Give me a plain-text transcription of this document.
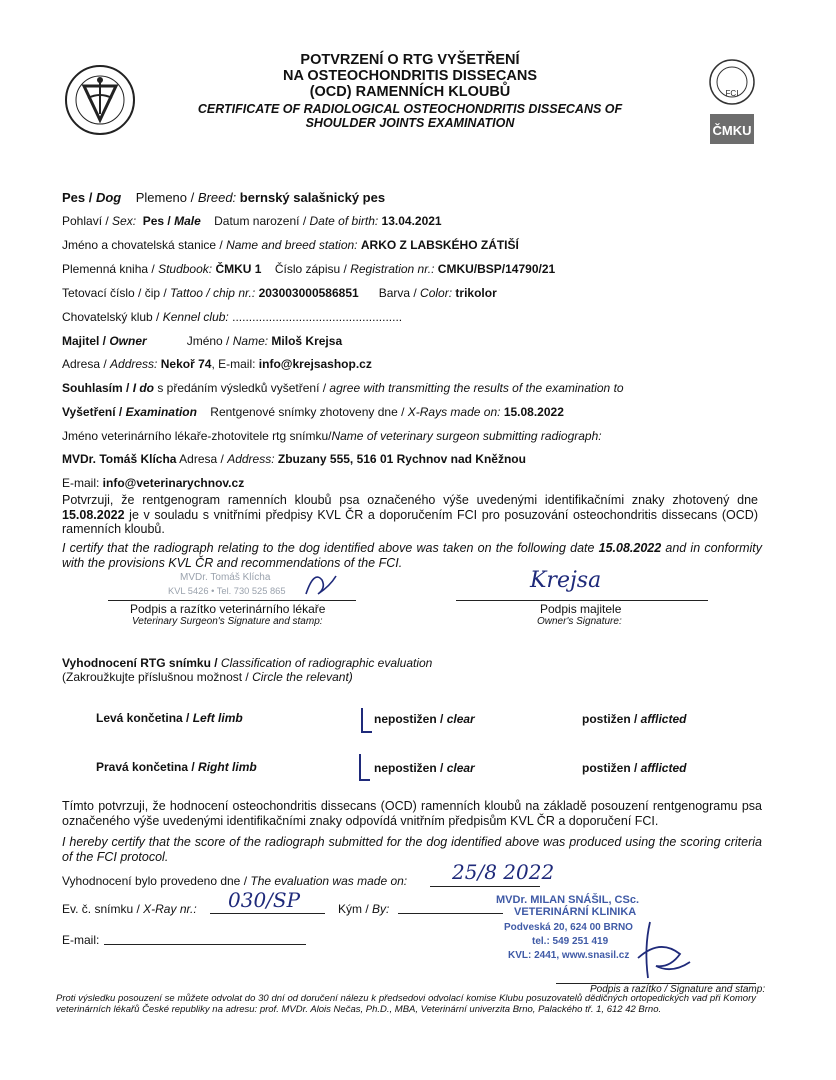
POTVRZENÍ O RTG VYŠETŘENÍ
NA OSTEOCHONDRITIS DISSECANS
(OCD) RAMENNÍCH KLOUBŮ
CERTIFICATE OF RADIOLOGICAL OSTEOCHONDRITIS DISSECANS OF
SHOULDER JOINTS EXAMINATION
FCI
ČMKU
Pes / Dog Plemeno / Breed: bernský salašnický pes
Pohlaví / Sex: Pes / Male Datum narození / Date of birth: 13.04.2021
Jméno a chovatelská stanice / Name and breed station: ARKO Z LABSKÉHO ZÁTIŠÍ
Plemenná kniha / Studbook: ČMKU 1 Číslo zápisu / Registration nr.: CMKU/BSP/14790/21
Tetovací číslo / čip / Tattoo / chip nr.: 203003000586851 Barva / Color: trikolor
Chovatelský klub / Kennel club: ...................................................
Majitel / Owner	Jméno / Name: Miloš Krejsa
Adresa / Address: Nekoř 74, E-mail: info@krejsashop.cz
Souhlasím / I do s předáním výsledků vyšetření / agree with transmitting the results of the examination to
Vyšetření / Examination Rentgenové snímky zhotoveny dne / X-Rays made on: 15.08.2022
Jméno veterinárního lékaře-zhotovitele rtg snímku/Name of veterinary surgeon submitting radiograph:
MVDr. Tomáš Klícha Adresa / Address: Zbuzany 555, 516 01 Rychnov nad Kněžnou
E-mail: info@veterinarychnov.cz
Potvrzuji, že rentgenogram ramenních kloubů psa označeného výše uvedenými identifikačními znaky zhotovený dne 15.08.2022 je v souladu s vnitřními předpisy KVL ČR a doporučením FCI pro posuzování osteochondritis dissecans (OCD) ramenních kloubů.
I certify that the radiograph relating to the dog identified above was taken on the following date 15.08.2022 and in conformity with the provisions KVL ČR and recommendations of the FCI.
MVDr. Tomáš Klícha
KVL 5426 • Tel. 730 525 865
Podpis a razítko veterinárního lékaře
Veterinary Surgeon's Signature and stamp:
Krejsa
Podpis majitele
Owner's Signature:
Vyhodnocení RTG snímku / Classification of radiographic evaluation
(Zakroužkujte příslušnou možnost / Circle the relevant)
Levá končetina / Left limb	nepostižen / clear	postižen / afflicted
Pravá končetina / Right limb	nepostižen / clear	postižen / afflicted
Tímto potvrzuji, že hodnocení osteochondritis dissecans (OCD) ramenních kloubů na základě posouzení rentgenogramu psa označeného výše uvedenými identifikačními znaky odpovídá vnitřním předpisům KVL ČR a doporučení FCI.
I hereby certify that the score of the radiograph submitted for the dog identified above was produced using the scoring criteria of the FCI protocol.
Vyhodnocení bylo provedeno dne / The evaluation was made on: 25/8 2022
Ev. č. snímku / X-Ray nr.: 030/SP	Kým / By:
E-mail:
MVDr. MILAN SNÁŠIL, CSc.
VETERINÁRNÍ KLINIKA
Podveská 20, 624 00 BRNO
tel.: 549 251 419
KVL: 2441, www.snasil.cz
Podpis a razítko / Signature and stamp:
Proti výsledku posouzení se můžete odvolat do 30 dní od doručení nálezu k předsedovi odvolací komise Klubu posuzovatelů dědičných ortopedických vad při Komory veterinárních lékařů České republiky na adresu: prof. MVDr. Alois Nečas, Ph.D., MBA, Veterinární univerzita Brno, Palackého tř. 1, 612 42 Brno.
